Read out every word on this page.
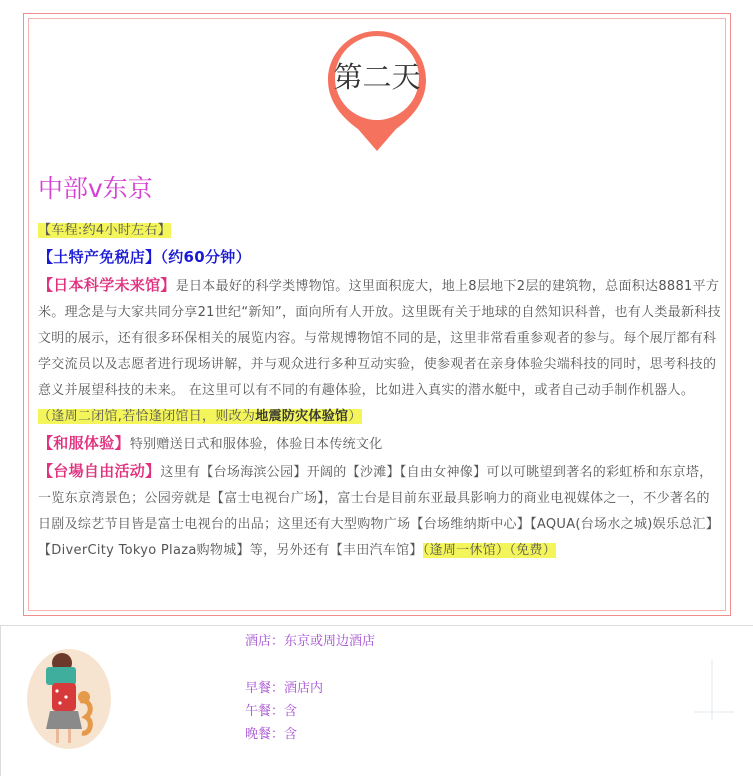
第二天
中部v东京
【车程:约4小时左右】
【土特产免税店】（约60分钟）
【日本科学未来馆】是日本最好的科学类博物馆。这里面积庞大，地上8层地下2层的建筑物，总面积达8881平方米。理念是与大家共同分享21世纪“新知”，面向所有人开放。这里既有关于地球的自然知识科普，也有人类最新科技文明的展示，还有很多环保相关的展览内容。与常规博物馆不同的是，这里非常看重参观者的参与。每个展厅都有科学交流员以及志愿者进行现场讲解，并与观众进行多种互动实验，使参观者在亲身体验尖端科技的同时，思考科技的意义并展望科技的未来。 在这里可以有不同的有趣体验，比如进入真实的潜水艇中，或者自己动手制作机器人。 （逢周二闭馆,若恰逢闭馆日，则改为地震防灾体验馆）
【和服体验】特别赠送日式和服体验，体验日本传统文化
【台場自由活动】这里有【台场海滨公园】开阔的【沙滩】【自由女神像】可以可眺望到著名的彩虹桥和东京塔，一览东京湾景色；公园旁就是【富士电视台广场】，富士台是目前东亚最具影响力的商业电视媒体之一，不少著名的日剧及综艺节目皆是富士电视台的出品；这里还有大型购物广场【台场维纳斯中心】【AQUA(台场水之城)娱乐总汇】【DiverCity Tokyo Plaza购物城】等，另外还有【丰田汽车馆】（逢周一休馆）（免费）
酒店：东京或周边酒店
早餐：酒店内
午餐：含
晚餐：含
